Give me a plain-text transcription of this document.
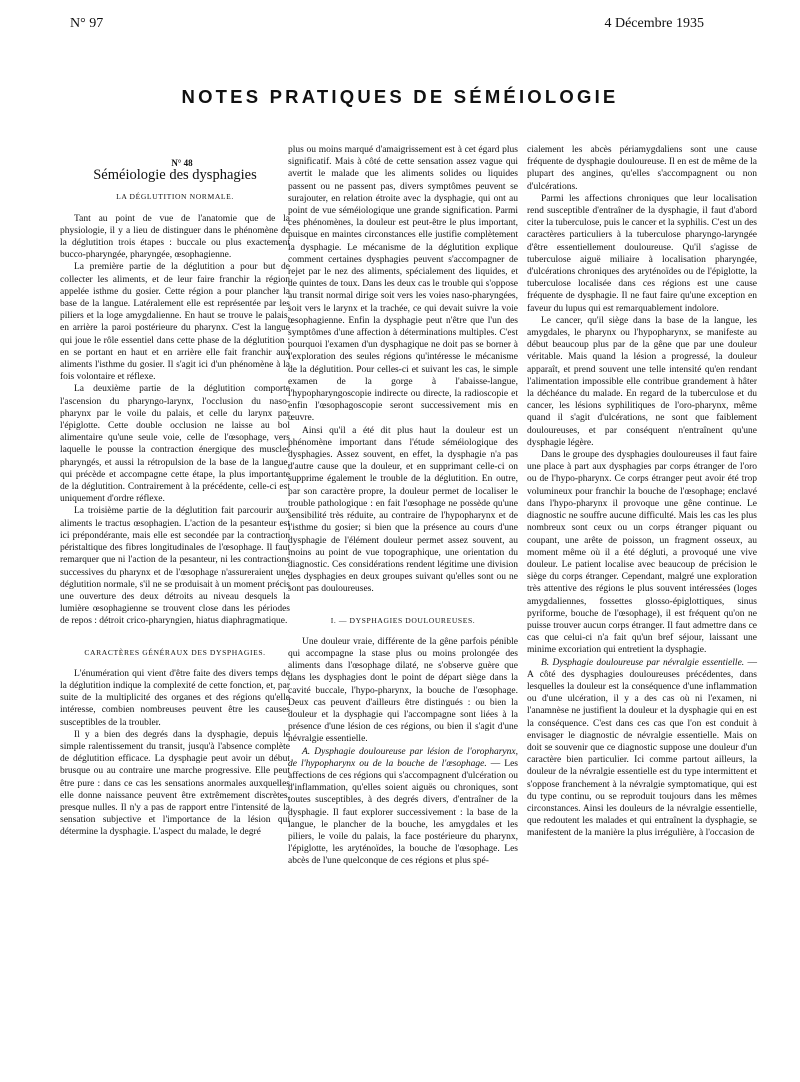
N° 97	4 Décembre 1935
NOTES PRATIQUES DE SÉMÉIOLOGIE

N° 48

Séméiologie des dysphagies

LA DÉGLUTITION NORMALE.

Tant au point de vue de l'anatomie que de la physiologie, il y a lieu de distinguer dans le phénomène de la déglutition trois étapes : buccale ou plus exactement bucco-pharyngée, pharyngée, œsophagienne.

La première partie de la déglutition a pour but de collecter les aliments, et de leur faire franchir la région appelée isthme du gosier. Cette région a pour plancher la base de la langue. Latéralement elle est représentée par les piliers et la loge amygdalienne. En haut se trouve le palais, en arrière la paroi postérieure du pharynx. C'est la langue qui joue le rôle essentiel dans cette phase de la déglutition : en se portant en haut et en arrière elle fait franchir aux aliments l'isthme du gosier. Il s'agit ici d'un phénomène à la fois volontaire et réflexe.

La deuxième partie de la déglutition comporte l'ascension du pharyngo-larynx, l'occlusion du naso-pharynx par le voile du palais, et celle du larynx par l'épiglotte. Cette double occlusion ne laisse au bol alimentaire qu'une seule voie, celle de l'œsophage, vers laquelle le pousse la contraction énergique des muscles pharyngés, et aussi la rétropulsion de la base de la langue, qui précède et accompagne cette étape, la plus importante de la déglutition. Contrairement à la précédente, celle-ci est uniquement d'ordre réflexe.

La troisième partie de la déglutition fait parcourir aux aliments le tractus œsophagien. L'action de la pesanteur est ici prépondérante, mais elle est secondée par la contraction péristaltique des fibres longitudinales de l'œsophage. Il faut remarquer que ni l'action de la pesanteur, ni les contractions successives du pharynx et de l'œsophage n'assureraient une déglutition normale, s'il ne se produisait à un moment précis une ouverture des deux détroits au niveau desquels la lumière œsophagienne se trouvent close dans les périodes de repos : détroit crico-pharyngien, hiatus diaphragmatique.

CARACTÈRES GÉNÉRAUX DES DYSPHAGIES.

L'énumération qui vient d'être faite des divers temps de la déglutition indique la complexité de cette fonction, et, par suite de la multiplicité des organes et des régions qu'elle intéresse, combien nombreuses peuvent être les causes susceptibles de la troubler.

Il y a bien des degrés dans la dysphagie, depuis le simple ralentissement du transit, jusqu'à l'absence complète de déglutition efficace. La dysphagie peut avoir un début brusque ou au contraire une marche progressive. Elle peut être pure : dans ce cas les sensations anormales auxquelles elle donne naissance peuvent être extrêmement discrètes, presque nulles. Il n'y a pas de rapport entre l'intensité de la sensation subjective et l'importance de la lésion qui détermine la dysphagie. L'aspect du malade, le degré

plus ou moins marqué d'amaigrissement est à cet égard plus significatif. Mais à côté de cette sensation assez vague qui avertit le malade que les aliments solides ou liquides passent ou ne passent pas, divers symptômes peuvent se surajouter, en relation étroite avec la dysphagie, qui ont au point de vue séméiologique une grande signification. Parmi ces phénomènes, la douleur est peut-être le plus important, puisque en maintes circonstances elle justifie complètement la dysphagie. Le mécanisme de la déglutition explique comment certaines dysphagies peuvent s'accompagner de rejet par le nez des aliments, spécialement des liquides, et de quintes de toux. Dans les deux cas le trouble qui s'oppose au transit normal dirige soit vers les voies naso-pharyngées, soit vers le larynx et la trachée, ce qui devait suivre la voie œsophagienne. Enfin la dysphagie peut n'être que l'un des symptômes d'une affection à déterminations multiples. C'est pourquoi l'examen d'un dysphagique ne doit pas se borner à l'exploration des seules régions qu'intéresse le mécanisme de la déglutition. Pour celles-ci et suivant les cas, le simple examen de la gorge à l'abaisse-langue, l'hypopharyngoscopie indirecte ou directe, la radioscopie et enfin l'œsophagoscopie seront successivement mis en œuvre.

Ainsi qu'il a été dit plus haut la douleur est un phénomène important dans l'étude séméiologique des dysphagies. Assez souvent, en effet, la dysphagie n'a pas d'autre cause que la douleur, et en supprimant celle-ci on supprime également le trouble de la déglutition. En outre, par son caractère propre, la douleur permet de localiser le trouble pathologique : en fait l'œsophage ne possède qu'une sensibilité très réduite, au contraire de l'hypopharynx et de l'isthme du gosier; si bien que la présence au cours d'une dysphagie de l'élément douleur permet assez souvent, au moins au point de vue topographique, une orientation du diagnostic. Ces considérations rendent légitime une division des dysphagies en deux groupes suivant qu'elles sont ou ne sont pas douloureuses.

I. — DYSPHAGIES DOULOUREUSES.

Une douleur vraie, différente de la gêne parfois pénible qui accompagne la stase plus ou moins prolongée des aliments dans l'œsophage dilaté, ne s'observe guère que dans les dysphagies dont le point de départ siège dans la cavité buccale, l'hypo-pharynx, la bouche de l'œsophage. Deux cas peuvent d'ailleurs être distingués : ou bien la douleur et la dysphagie qui l'accompagne sont liées à la présence d'une lésion de ces régions, ou bien il s'agit d'une névralgie essentielle.

A. Dysphagie douloureuse par lésion de l'oropharynx, de l'hypopharynx ou de la bouche de l'œsophage. — Les affections de ces régions qui s'accompagnent d'ulcération ou d'inflammation, qu'elles soient aiguës ou chroniques, sont toutes susceptibles, à des degrés divers, d'entraîner de la dysphagie. Il faut explorer successivement : la base de la langue, le plancher de la bouche, les amygdales et les piliers, le voile du palais, la face postérieure du pharynx, l'épiglotte, les aryténoïdes, la bouche de l'œsophage. Les abcès de l'une quelconque de ces régions et plus spé-

cialement les abcès périamygdaliens sont une cause fréquente de dysphagie douloureuse. Il en est de même de la plupart des angines, qu'elles s'accompagnent ou non d'ulcérations.

Parmi les affections chroniques que leur localisation rend susceptible d'entraîner de la dysphagie, il faut d'abord citer la tuberculose, puis le cancer et la syphilis. C'est un des caractères particuliers à la tuberculose pharyngo-laryngée d'être essentiellement douloureuse. Qu'il s'agisse de tuberculose aiguë miliaire à localisation pharyngée, d'ulcérations chroniques des aryténoïdes ou de l'épiglotte, la tuberculose localisée dans ces régions est une cause fréquente de dysphagie. Il ne faut faire qu'une exception en faveur du lupus qui est remarquablement indolore.

Le cancer, qu'il siège dans la base de la langue, les amygdales, le pharynx ou l'hypopharynx, se manifeste au début beaucoup plus par de la gêne que par une douleur véritable. Mais quand la lésion a progressé, la douleur apparaît, et prend souvent une telle intensité qu'en rendant l'alimentation impossible elle contribue grandement à hâter la déchéance du malade. En regard de la tuberculose et du cancer, les lésions syphilitiques de l'oro-pharynx, même quand il s'agit d'ulcérations, ne sont que faiblement douloureuses, et par conséquent n'entraînent qu'une dysphagie légère.

Dans le groupe des dysphagies douloureuses il faut faire une place à part aux dysphagies par corps étranger de l'oro ou de l'hypo-pharynx. Ce corps étranger peut avoir été trop volumineux pour franchir la bouche de l'œsophage; enclavé dans l'hypo-pharynx il provoque une gêne continue. Le diagnostic ne souffre aucune difficulté. Mais les cas les plus nombreux sont ceux ou un corps étranger piquant ou coupant, une arête de poisson, un fragment osseux, au moment même où il a été dégluti, a provoqué une vive douleur. Le patient localise avec beaucoup de précision le siège du corps étranger. Cependant, malgré une exploration très attentive des régions le plus souvent intéressées (loges amygdaliennes, fossettes glosso-épiglottiques, sinus pyriforme, bouche de l'œsophage), il est fréquent qu'on ne puisse trouver aucun corps étranger. Il faut admettre dans ce cas que celui-ci n'a fait qu'un bref séjour, laissant une minime excoriation qui entretient la dysphagie.

B. Dysphagie douloureuse par névralgie essentielle. — A côté des dysphagies douloureuses précédentes, dans lesquelles la douleur est la conséquence d'une inflammation ou d'une ulcération, il y a des cas où ni l'examen, ni l'anamnèse ne justifient la douleur et la dysphagie qui en est la conséquence. C'est dans ces cas que l'on est conduit à envisager le diagnostic de névralgie essentielle. Mais on doit se souvenir que ce diagnostic suppose une douleur d'un caractère bien particulier. Ici comme partout ailleurs, la douleur de la névralgie essentielle est du type intermittent et s'oppose franchement à la névralgie symptomatique, qui est du type continu, ou se reproduit toujours dans les mêmes circonstances. Ainsi les douleurs de la névralgie essentielle, que redoutent les malades et qui entraînent la dysphagie, se manifestent de la manière la plus irrégulière, à l'occasion de
